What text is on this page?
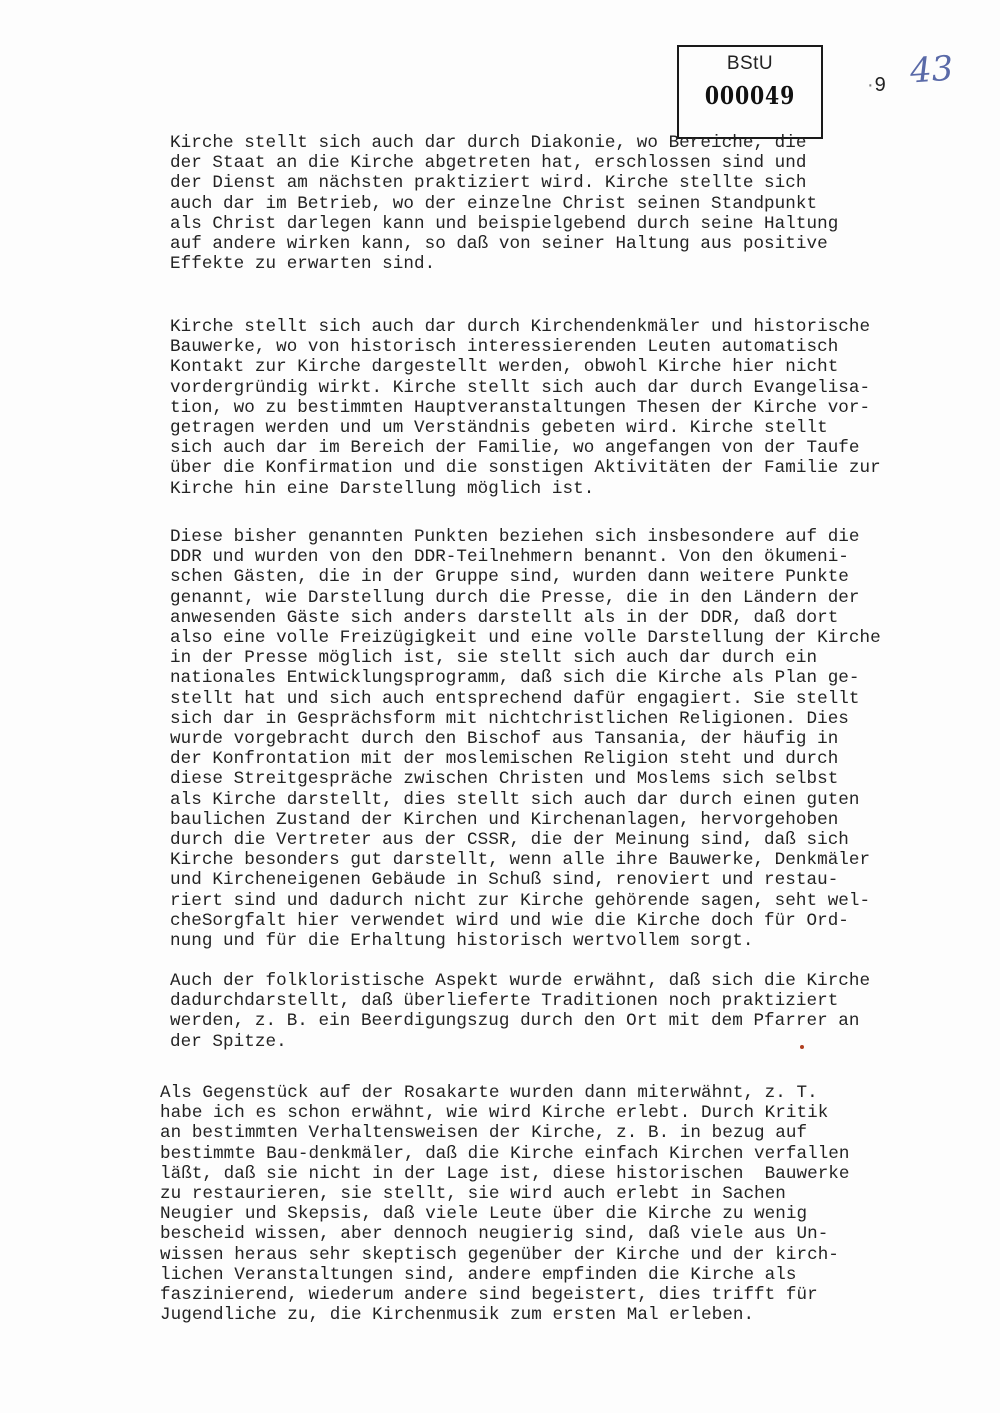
BStU
000049	· 9 43

Kirche stellt sich auch dar durch Diakonie, wo Bereiche, die
der Staat an die Kirche abgetreten hat, erschlossen sind und
der Dienst am nächsten praktiziert wird. Kirche stellte sich
auch dar im Betrieb, wo der einzelne Christ seinen Standpunkt
als Christ darlegen kann und beispielgebend durch seine Haltung
auf andere wirken kann, so daß von seiner Haltung aus positive
Effekte zu erwarten sind.

Kirche stellt sich auch dar durch Kirchendenkmäler und historische
Bauwerke, wo von historisch interessierenden Leuten automatisch
Kontakt zur Kirche dargestellt werden, obwohl Kirche hier nicht
vordergründig wirkt. Kirche stellt sich auch dar durch Evangelisa-
tion, wo zu bestimmten Hauptveranstaltungen Thesen der Kirche vor-
getragen werden und um Verständnis gebeten wird. Kirche stellt
sich auch dar im Bereich der Familie, wo angefangen von der Taufe
über die Konfirmation und die sonstigen Aktivitäten der Familie zur
Kirche hin eine Darstellung möglich ist.

Diese bisher genannten Punkten beziehen sich insbesondere auf die
DDR und wurden von den DDR-Teilnehmern benannt. Von den ökumeni-
schen Gästen, die in der Gruppe sind, wurden dann weitere Punkte
genannt, wie Darstellung durch die Presse, die in den Ländern der
anwesenden Gäste sich anders darstellt als in der DDR, daß dort
also eine volle Freizügigkeit und eine volle Darstellung der Kirche
in der Presse möglich ist, sie stellt sich auch dar durch ein
nationales Entwicklungsprogramm, daß sich die Kirche als Plan ge-
stellt hat und sich auch entsprechend dafür engagiert. Sie stellt
sich dar in Gesprächsform mit nichtchristlichen Religionen. Dies
wurde vorgebracht durch den Bischof aus Tansania, der häufig in
der Konfrontation mit der moslemischen Religion steht und durch
diese Streitgespräche zwischen Christen und Moslems sich selbst
als Kirche darstellt, dies stellt sich auch dar durch einen guten
baulichen Zustand der Kirchen und Kirchenanlagen, hervorgehoben
durch die Vertreter aus der CSSR, die der Meinung sind, daß sich
Kirche besonders gut darstellt, wenn alle ihre Bauwerke, Denkmäler
und Kircheneigenen Gebäude in Schuß sind, renoviert und restau-
riert sind und dadurch nicht zur Kirche gehörende sagen, seht wel-
cheSorgfalt hier verwendet wird und wie die Kirche doch für Ord-
nung und für die Erhaltung historisch wertvollem sorgt.

Auch der folkloristische Aspekt wurde erwähnt, daß sich die Kirche
dadurchdarstellt, daß überlieferte Traditionen noch praktiziert
werden, z. B. ein Beerdigungszug durch den Ort mit dem Pfarrer an
der Spitze.

Als Gegenstück auf der Rosakarte wurden dann miterwähnt, z. T.
habe ich es schon erwähnt, wie wird Kirche erlebt. Durch Kritik
an bestimmten Verhaltensweisen der Kirche, z. B. in bezug auf
bestimmte Bau-denkmäler, daß die Kirche einfach Kirchen verfallen
läßt, daß sie nicht in der Lage ist, diese historischen  Bauwerke
zu restaurieren, sie stellt, sie wird auch erlebt in Sachen
Neugier und Skepsis, daß viele Leute über die Kirche zu wenig
bescheid wissen, aber dennoch neugierig sind, daß viele aus Un-
wissen heraus sehr skeptisch gegenüber der Kirche und der kirch-
lichen Veranstaltungen sind, andere empfinden die Kirche als
faszinierend, wiederum andere sind begeistert, dies trifft für
Jugendliche zu, die Kirchenmusik zum ersten Mal erleben.
